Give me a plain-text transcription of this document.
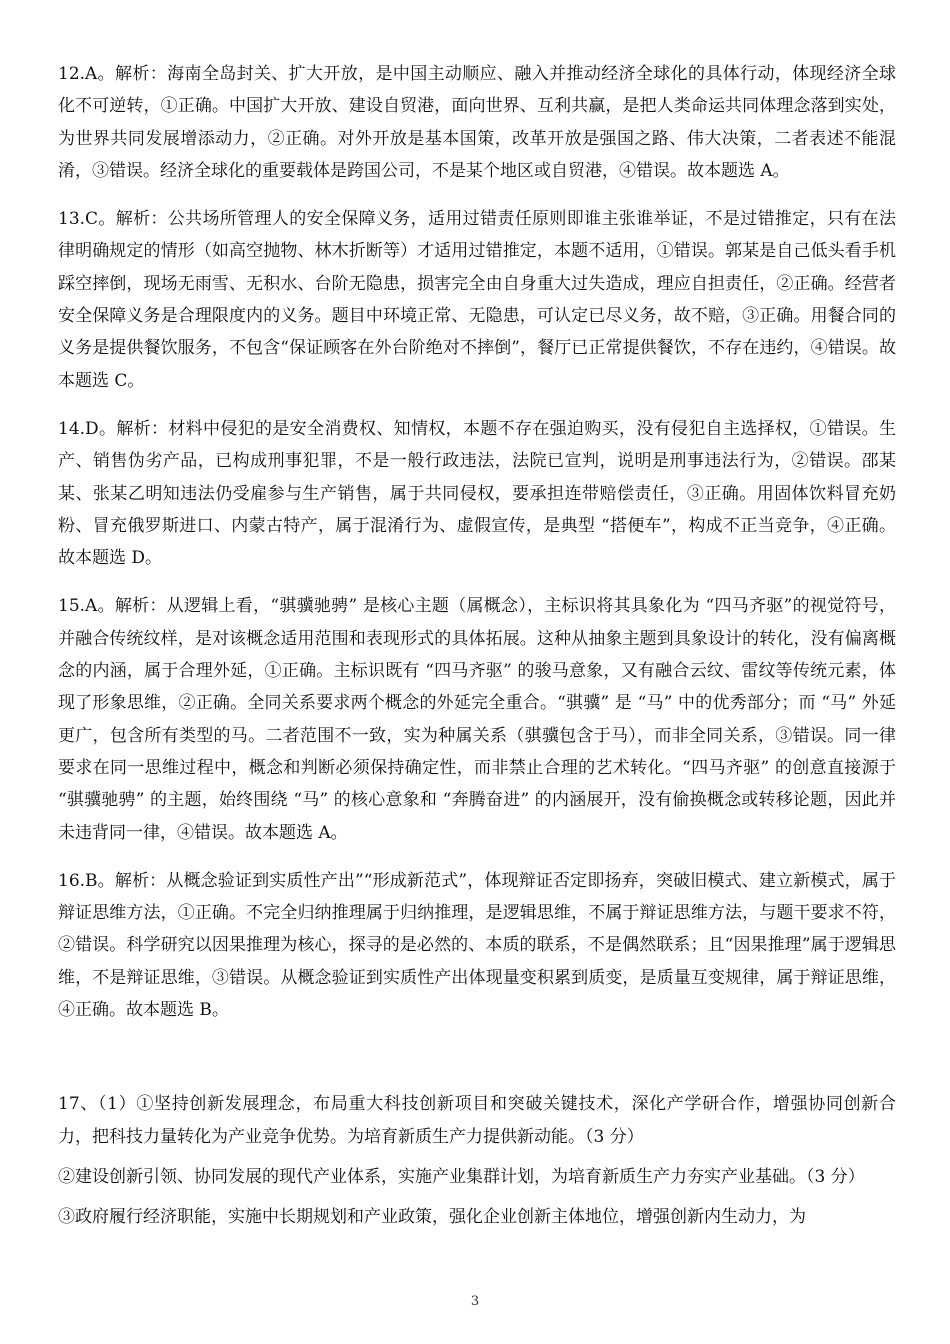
12.A。解析：海南全岛封关、扩大开放，是中国主动顺应、融入并推动经济全球化的具体行动，体现经济全球化不可逆转，①正确。中国扩大开放、建设自贸港，面向世界、互利共赢，是把人类命运共同体理念落到实处，为世界共同发展增添动力，②正确。对外开放是基本国策，改革开放是强国之路、伟大决策，二者表述不能混淆，③错误。经济全球化的重要载体是跨国公司，不是某个地区或自贸港，④错误。故本题选 A。

13.C。解析：公共场所管理人的安全保障义务，适用过错责任原则即谁主张谁举证，不是过错推定，只有在法律明确规定的情形（如高空抛物、林木折断等）才适用过错推定，本题不适用，①错误。郭某是自己低头看手机踩空摔倒，现场无雨雪、无积水、台阶无隐患，损害完全由自身重大过失造成，理应自担责任，②正确。经营者安全保障义务是合理限度内的义务。题目中环境正常、无隐患，可认定已尽义务，故不赔，③正确。用餐合同的义务是提供餐饮服务，不包含“保证顾客在外台阶绝对不摔倒”，餐厅已正常提供餐饮，不存在违约，④错误。故本题选 C。

14.D。解析：材料中侵犯的是安全消费权、知情权，本题不存在强迫购买，没有侵犯自主选择权，①错误。生产、销售伪劣产品，已构成刑事犯罪，不是一般行政违法，法院已宣判，说明是刑事违法行为，②错误。邵某某、张某乙明知违法仍受雇参与生产销售，属于共同侵权，要承担连带赔偿责任，③正确。用固体饮料冒充奶粉、冒充俄罗斯进口、内蒙古特产，属于混淆行为、虚假宣传，是典型 “搭便车”，构成不正当竞争，④正确。故本题选 D。

15.A。解析：从逻辑上看，“骐骥驰骋” 是核心主题（属概念），主标识将其具象化为 “四马齐驱”的视觉符号，并融合传统纹样，是对该概念适用范围和表现形式的具体拓展。这种从抽象主题到具象设计的转化，没有偏离概念的内涵，属于合理外延，①正确。主标识既有 “四马齐驱” 的骏马意象，又有融合云纹、雷纹等传统元素，体现了形象思维，②正确。全同关系要求两个概念的外延完全重合。“骐骥” 是 “马” 中的优秀部分；而 “马” 外延更广，包含所有类型的马。二者范围不一致，实为种属关系（骐骥包含于马），而非全同关系，③错误。同一律要求在同一思维过程中，概念和判断必须保持确定性，而非禁止合理的艺术转化。“四马齐驱” 的创意直接源于 “骐骥驰骋” 的主题，始终围绕 “马” 的核心意象和 “奔腾奋进” 的内涵展开，没有偷换概念或转移论题，因此并未违背同一律，④错误。故本题选 A。

16.B。解析：从概念验证到实质性产出”“形成新范式”，体现辩证否定即扬弃，突破旧模式、建立新模式，属于辩证思维方法，①正确。不完全归纳推理属于归纳推理，是逻辑思维，不属于辩证思维方法，与题干要求不符，②错误。科学研究以因果推理为核心，探寻的是必然的、本质的联系，不是偶然联系；且“因果推理”属于逻辑思维，不是辩证思维，③错误。从概念验证到实质性产出体现量变积累到质变，是质量互变规律，属于辩证思维，④正确。故本题选 B。

17、（1）①坚持创新发展理念，布局重大科技创新项目和突破关键技术，深化产学研合作，增强协同创新合力，把科技力量转化为产业竞争优势。为培育新质生产力提供新动能。（3 分）

②建设创新引领、协同发展的现代产业体系，实施产业集群计划，为培育新质生产力夯实产业基础。（3 分）

③政府履行经济职能，实施中长期规划和产业政策，强化企业创新主体地位，增强创新内生动力，为

3
